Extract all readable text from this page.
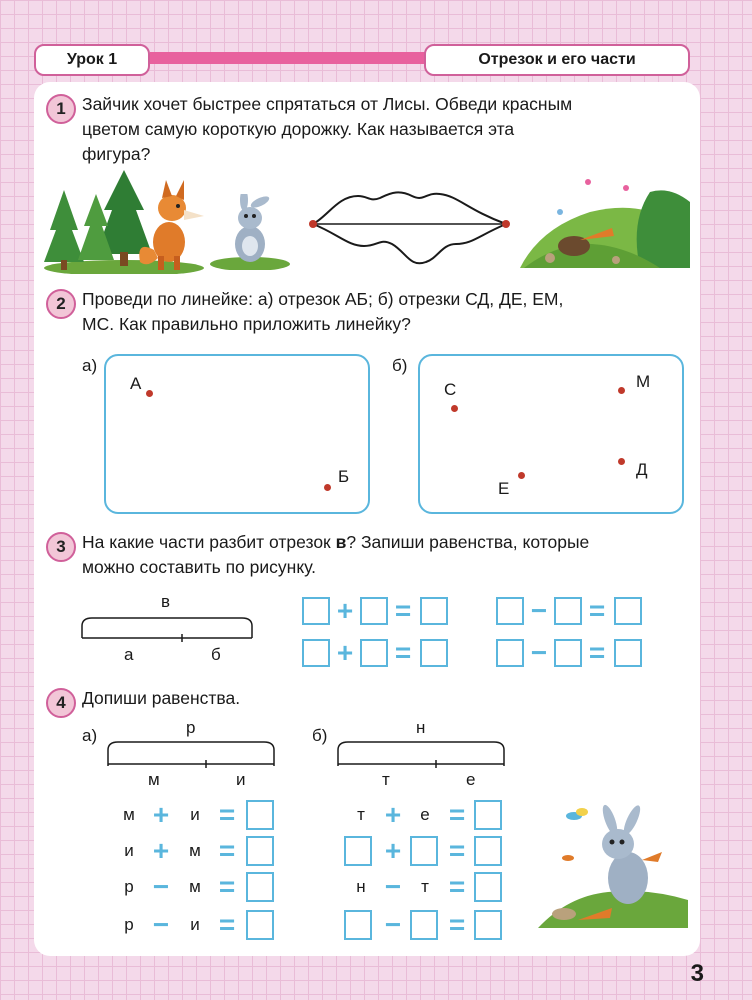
Урок 1	Отрезок и его части
1 Зайчик хочет быстрее спрятаться от Лисы. Обведи красным
цветом самую короткую дорожку. Как называется эта
фигура?
2 Проведи по линейке: а) отрезок АБ; б) отрезки СД, ДЕ, ЕМ,
МС. Как правильно приложить линейку?
а)
А
Б
б)
С	М
Е
Д
3 На какие части разбит отрезок в? Запиши равенства, которые
можно составить по рисунку.
в
а	б
+ =
+ =
− =
− =
4 Допиши равенства.
а)	р
м	и
м + и =
и + м =
р − м =
р − и =
б)	н
т	е
т + е =
+ =
н − т =
− =
3
